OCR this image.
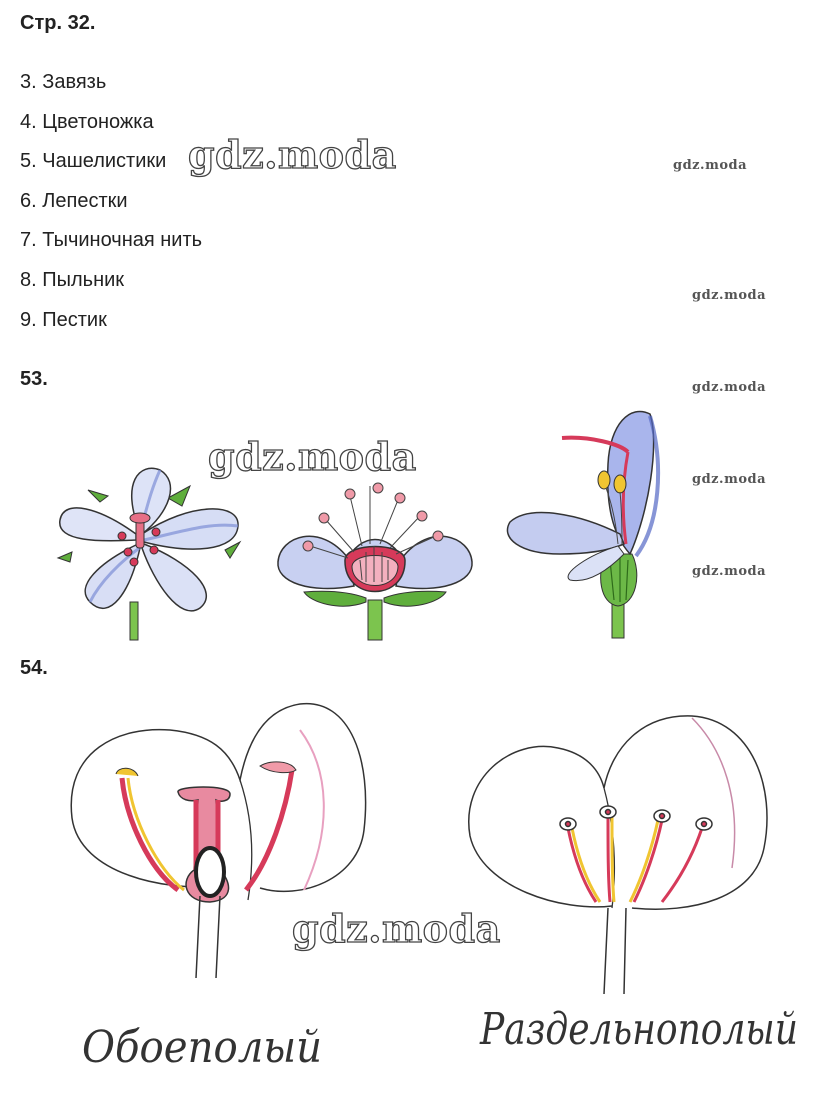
Стр. 32.
3. Завязь
4. Цветоножка
5. Чашелистики
6. Лепестки
7. Тычиночная нить
8. Пыльник
9. Пестик
53.
54.
gdz.moda
gdz.moda
gdz.moda
gdz.moda
gdz.moda
gdz.moda
gdz.moda
gdz.moda
Обоеполый	Раздельнополый
